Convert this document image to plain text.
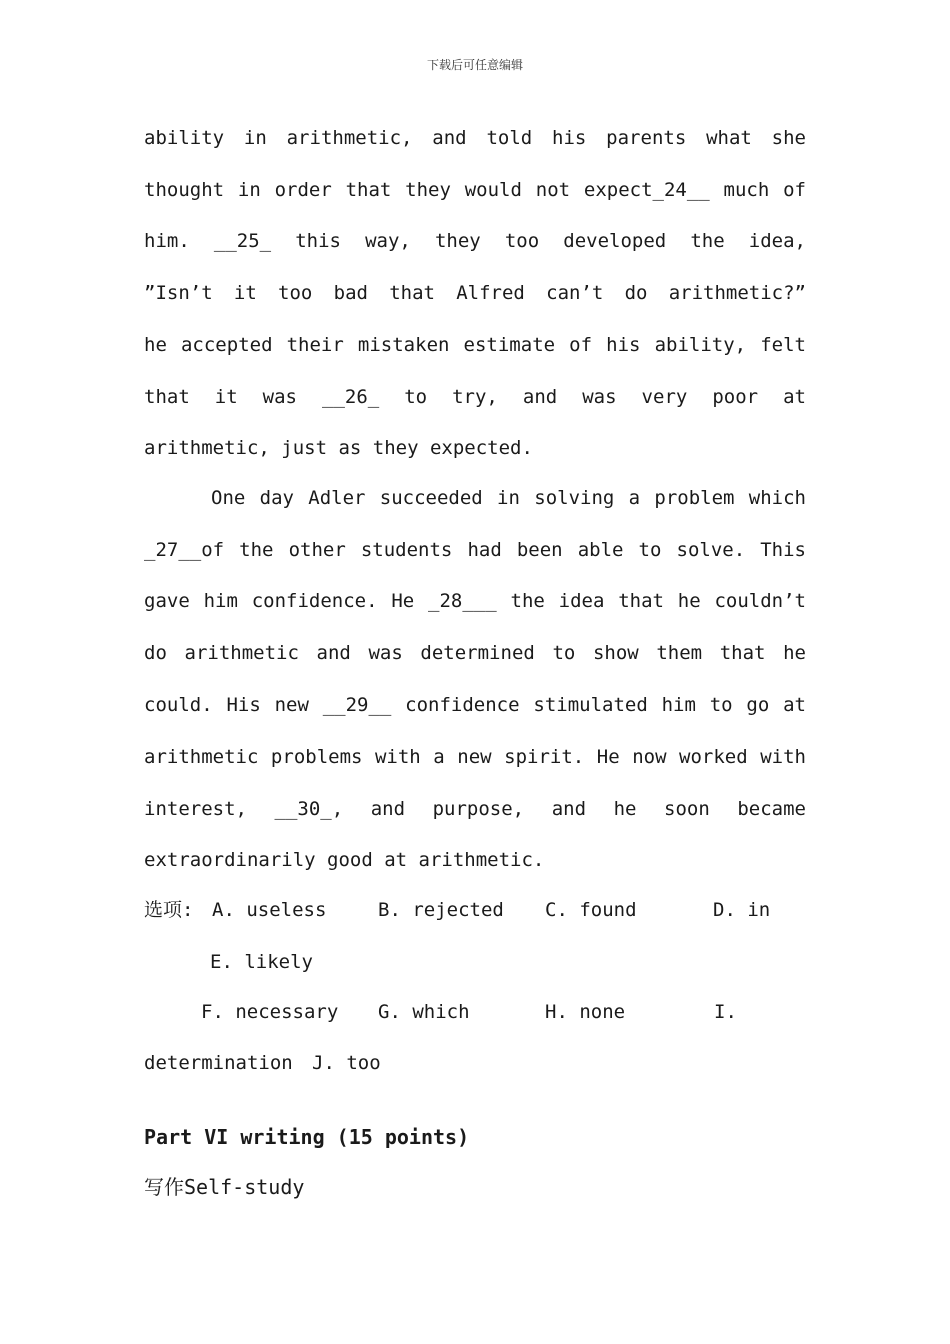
下载后可任意编辑
ability in arithmetic, and told his parents what she
thought in order that they would not expect_24__ much of
him. __25_ this way, they too developed the idea,
”Isn’t it too bad that Alfred can’t do arithmetic?”
he accepted their mistaken estimate of his ability, felt
that it was __26_ to try, and was very poor at
arithmetic, just as they expected.
One day Adler succeeded in solving a problem which
_27__of the other students had been able to solve. This
gave him confidence. He _28___ the idea that he couldn’t
do arithmetic and was determined to show them that he
could. His new __29__ confidence stimulated him to go at
arithmetic problems with a new spirit. He now worked with
interest, __30_, and purpose, and he soon became
extraordinarily good at arithmetic.
选项: A. useless	B. rejected C. found	D. in
E. likely
F. necessary G. which	H. none	I.
determination J. too
Part VI writing (15 points)
写作Self-study
